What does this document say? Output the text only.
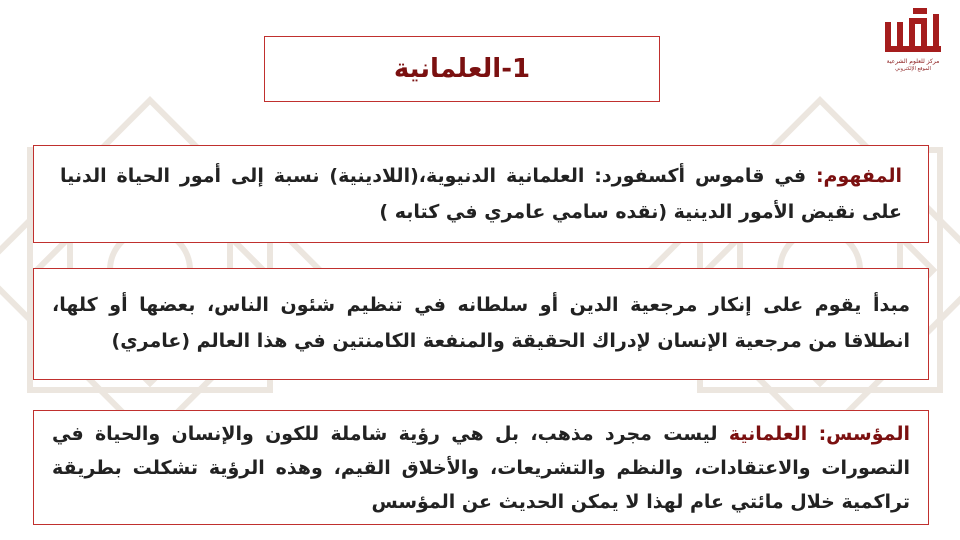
مركز للعلوم الشرعية
الموقع الإلكتروني
1-العلمانية

المفهوم: في قاموس أكسفورد: العلمانية الدنيوية،(اللادينية) نسبة إلى أمور الحياة الدنيا على نقيض الأمور الدينية (نقده سامي عامري في كتابه )

مبدأ يقوم على إنكار مرجعية الدين أو سلطانه في تنظيم شئون الناس، بعضها أو كلها، انطلاقا من مرجعية الإنسان لإدراك الحقيقة والمنفعة الكامنتين في هذا العالم (عامري)

المؤسس: العلمانية ليست مجرد مذهب، بل هي رؤية شاملة للكون والإنسان والحياة في التصورات والاعتقادات، والنظم والتشريعات، والأخلاق القيم، وهذه الرؤية تشكلت بطريقة تراكمية خلال مائتي عام لهذا لا يمكن الحديث عن المؤسس
